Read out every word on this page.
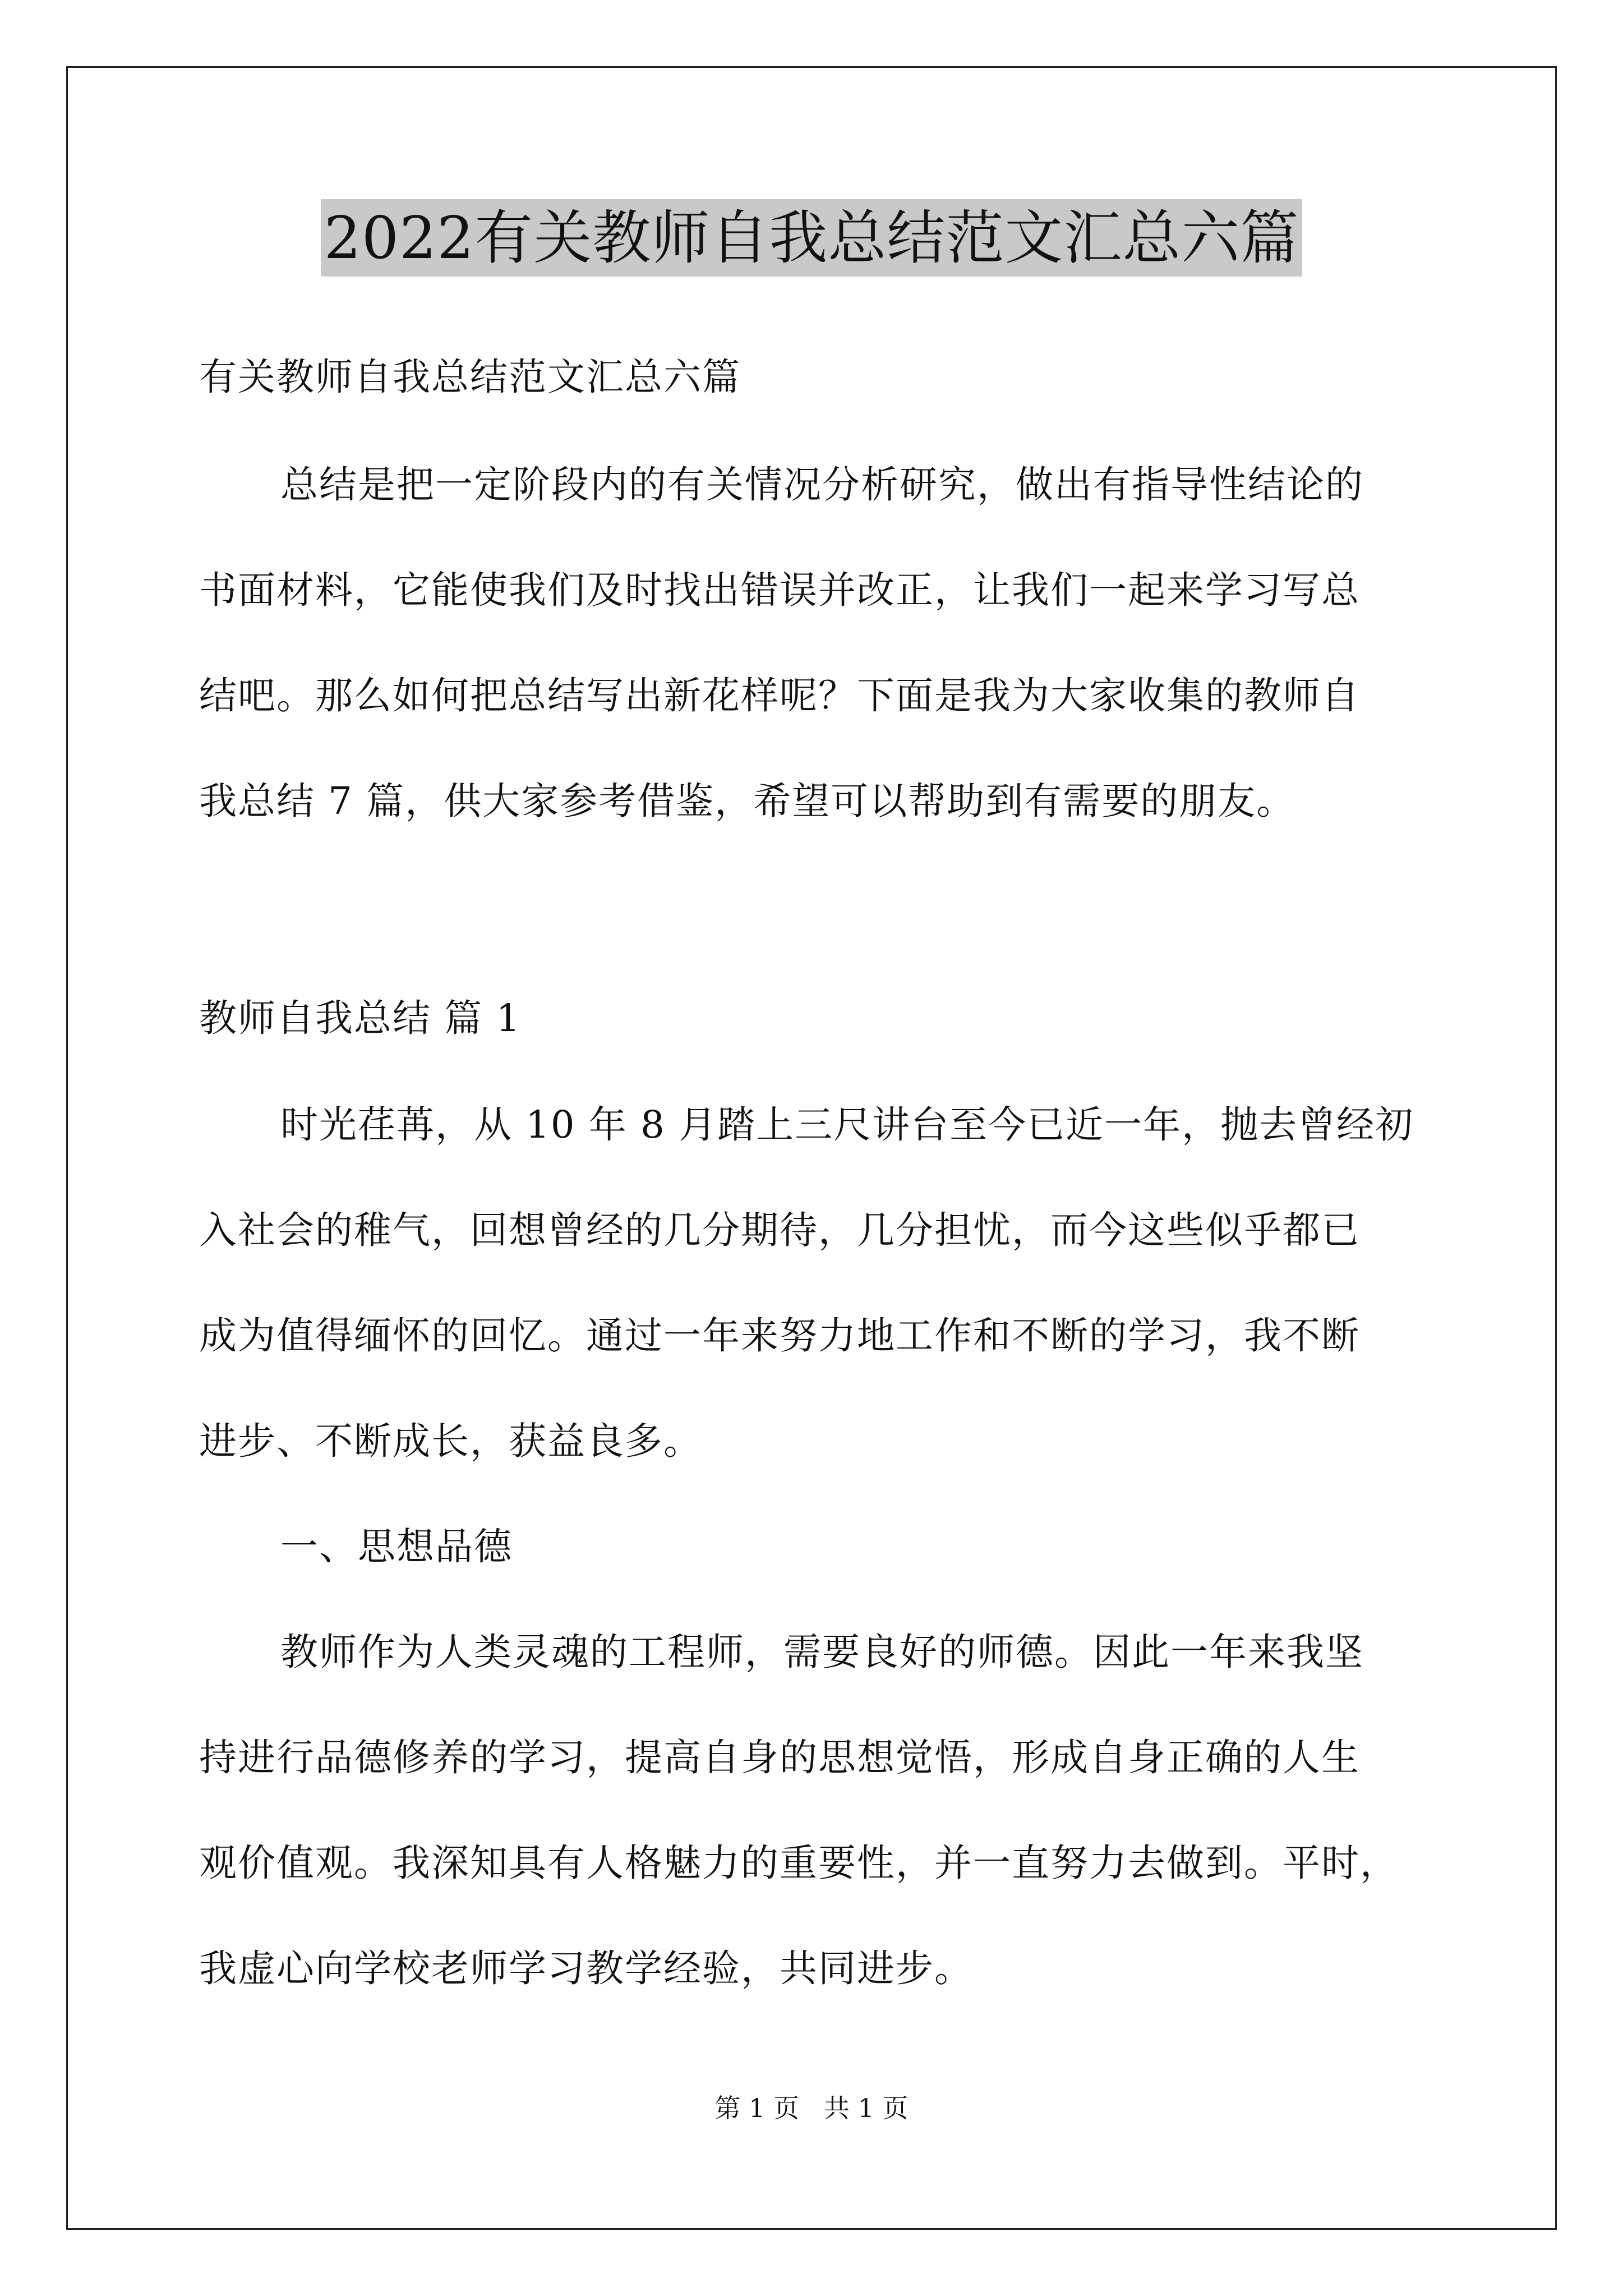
2022有关教师自我总结范文汇总六篇
有关教师自我总结范文汇总六篇
总结是把一定阶段内的有关情况分析研究，做出有指导性结论的
书面材料，它能使我们及时找出错误并改正，让我们一起来学习写总
结吧。那么如何把总结写出新花样呢？下面是我为大家收集的教师自
我总结 7 篇，供大家参考借鉴，希望可以帮助到有需要的朋友。
教师自我总结 篇 1
时光荏苒，从 10 年 8 月踏上三尺讲台至今已近一年，抛去曾经初
入社会的稚气，回想曾经的几分期待，几分担忧，而今这些似乎都已
成为值得缅怀的回忆。通过一年来努力地工作和不断的学习，我不断
进步、不断成长，获益良多。
一、思想品德
教师作为人类灵魂的工程师，需要良好的师德。因此一年来我坚
持进行品德修养的学习，提高自身的思想觉悟，形成自身正确的人生
观价值观。我深知具有人格魅力的重要性，并一直努力去做到。平时，
我虚心向学校老师学习教学经验，共同进步。
第 1 页   共 1 页
